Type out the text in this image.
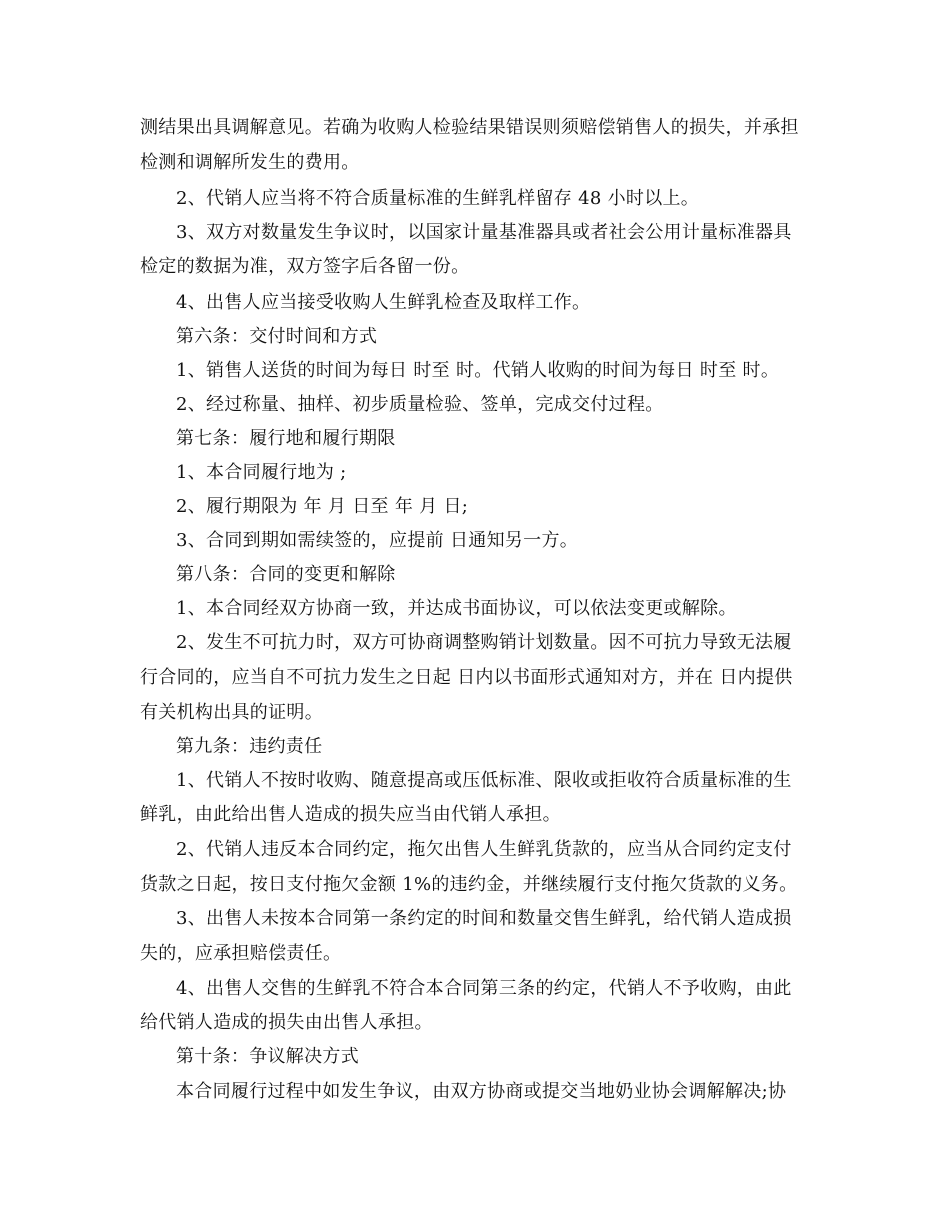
测结果出具调解意见。若确为收购人检验结果错误则须赔偿销售人的损失，并承担
检测和调解所发生的费用。
2、代销人应当将不符合质量标准的生鲜乳样留存 48 小时以上。
3、双方对数量发生争议时，以国家计量基准器具或者社会公用计量标准器具
检定的数据为准，双方签字后各留一份。
4、出售人应当接受收购人生鲜乳检查及取样工作。
第六条：交付时间和方式
1、销售人送货的时间为每日 时至 时。代销人收购的时间为每日 时至 时。
2、经过称量、抽样、初步质量检验、签单，完成交付过程。
第七条：履行地和履行期限
1、本合同履行地为 ;
2、履行期限为 年 月 日至 年 月 日;
3、合同到期如需续签的，应提前 日通知另一方。
第八条：合同的变更和解除
1、本合同经双方协商一致，并达成书面协议，可以依法变更或解除。
2、发生不可抗力时，双方可协商调整购销计划数量。因不可抗力导致无法履
行合同的，应当自不可抗力发生之日起 日内以书面形式通知对方，并在 日内提供
有关机构出具的证明。
第九条：违约责任
1、代销人不按时收购、随意提高或压低标准、限收或拒收符合质量标准的生
鲜乳，由此给出售人造成的损失应当由代销人承担。
2、代销人违反本合同约定，拖欠出售人生鲜乳货款的，应当从合同约定支付
货款之日起，按日支付拖欠金额 1%的违约金，并继续履行支付拖欠货款的义务。
3、出售人未按本合同第一条约定的时间和数量交售生鲜乳，给代销人造成损
失的，应承担赔偿责任。
4、出售人交售的生鲜乳不符合本合同第三条的约定，代销人不予收购，由此
给代销人造成的损失由出售人承担。
第十条：争议解决方式
本合同履行过程中如发生争议，由双方协商或提交当地奶业协会调解解决;协
